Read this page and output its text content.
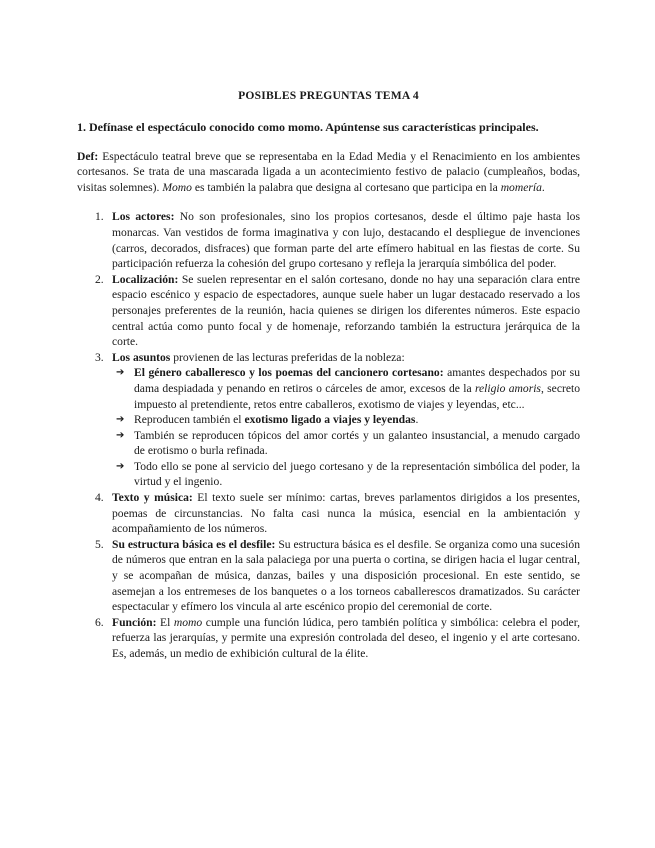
POSIBLES PREGUNTAS TEMA 4

1. Defínase el espectáculo conocido como momo. Apúntense sus características principales.

Def: Espectáculo teatral breve que se representaba en la Edad Media y el Renacimiento en los ambientes cortesanos. Se trata de una mascarada ligada a un acontecimiento festivo de palacio (cumpleaños, bodas, visitas solemnes). Momo es también la palabra que designa al cortesano que participa en la momería.

1. Los actores: No son profesionales, sino los propios cortesanos, desde el último paje hasta los monarcas. Van vestidos de forma imaginativa y con lujo, destacando el despliegue de invenciones (carros, decorados, disfraces) que forman parte del arte efímero habitual en las fiestas de corte. Su participación refuerza la cohesión del grupo cortesano y refleja la jerarquía simbólica del poder.
2. Localización: Se suelen representar en el salón cortesano, donde no hay una separación clara entre espacio escénico y espacio de espectadores, aunque suele haber un lugar destacado reservado a los personajes preferentes de la reunión, hacia quienes se dirigen los diferentes números. Este espacio central actúa como punto focal y de homenaje, reforzando también la estructura jerárquica de la corte.
3. Los asuntos provienen de las lecturas preferidas de la nobleza:
➔ El género caballeresco y los poemas del cancionero cortesano: amantes despechados por su dama despiadada y penando en retiros o cárceles de amor, excesos de la religio amoris, secreto impuesto al pretendiente, retos entre caballeros, exotismo de viajes y leyendas, etc...
➔ Reproducen también el exotismo ligado a viajes y leyendas.
➔ También se reproducen tópicos del amor cortés y un galanteo insustancial, a menudo cargado de erotismo o burla refinada.
➔ Todo ello se pone al servicio del juego cortesano y de la representación simbólica del poder, la virtud y el ingenio.
4. Texto y música: El texto suele ser mínimo: cartas, breves parlamentos dirigidos a los presentes, poemas de circunstancias. No falta casi nunca la música, esencial en la ambientación y acompañamiento de los números.
5. Su estructura básica es el desfile: Su estructura básica es el desfile. Se organiza como una sucesión de números que entran en la sala palaciega por una puerta o cortina, se dirigen hacia el lugar central, y se acompañan de música, danzas, bailes y una disposición procesional. En este sentido, se asemejan a los entremeses de los banquetes o a los torneos caballerescos dramatizados. Su carácter espectacular y efímero los vincula al arte escénico propio del ceremonial de corte.
6. Función: El momo cumple una función lúdica, pero también política y simbólica: celebra el poder, refuerza las jerarquías, y permite una expresión controlada del deseo, el ingenio y el arte cortesano. Es, además, un medio de exhibición cultural de la élite.
